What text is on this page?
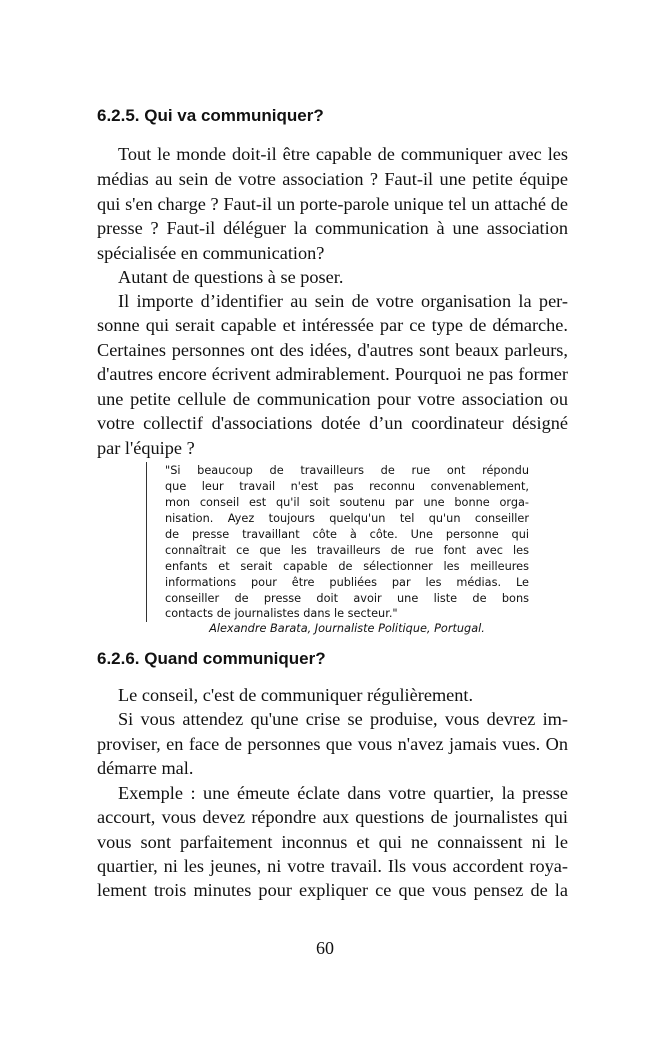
6.2.5. Qui va communiquer?
Tout le monde doit-il être capable de communiquer avec les
médias au sein de votre association ? Faut-il une petite équipe
qui s'en charge ? Faut-il un porte-parole unique tel un attaché de
presse ? Faut-il déléguer la communication à une association
spécialisée en communication?
Autant de questions à se poser.
Il importe d’identifier au sein de votre organisation la per-
sonne qui serait capable et intéressée par ce type de démarche.
Certaines personnes ont des idées, d'autres sont beaux parleurs,
d'autres encore écrivent admirablement. Pourquoi ne pas former
une petite cellule de communication pour votre association ou
votre collectif d'associations dotée d’un coordinateur désigné
par l'équipe ?
"Si beaucoup de travailleurs de rue ont répondu
que leur travail n'est pas reconnu convenablement,
mon conseil est qu'il soit soutenu par une bonne orga-
nisation. Ayez toujours quelqu'un tel qu'un conseiller
de presse travaillant côte à côte. Une personne qui
connaîtrait ce que les travailleurs de rue font avec les
enfants et serait capable de sélectionner les meilleures
informations pour être publiées par les médias. Le
conseiller de presse doit avoir une liste de bons
contacts de journalistes dans le secteur."
Alexandre Barata, Journaliste Politique, Portugal.
6.2.6. Quand communiquer?
Le conseil, c'est de communiquer régulièrement.
Si vous attendez qu'une crise se produise, vous devrez im-
proviser, en face de personnes que vous n'avez jamais vues. On
démarre mal.
Exemple : une émeute éclate dans votre quartier, la presse
accourt, vous devez répondre aux questions de journalistes qui
vous sont parfaitement inconnus et qui ne connaissent ni le
quartier, ni les jeunes, ni votre travail. Ils vous accordent roya-
lement trois minutes pour expliquer ce que vous pensez de la
60
